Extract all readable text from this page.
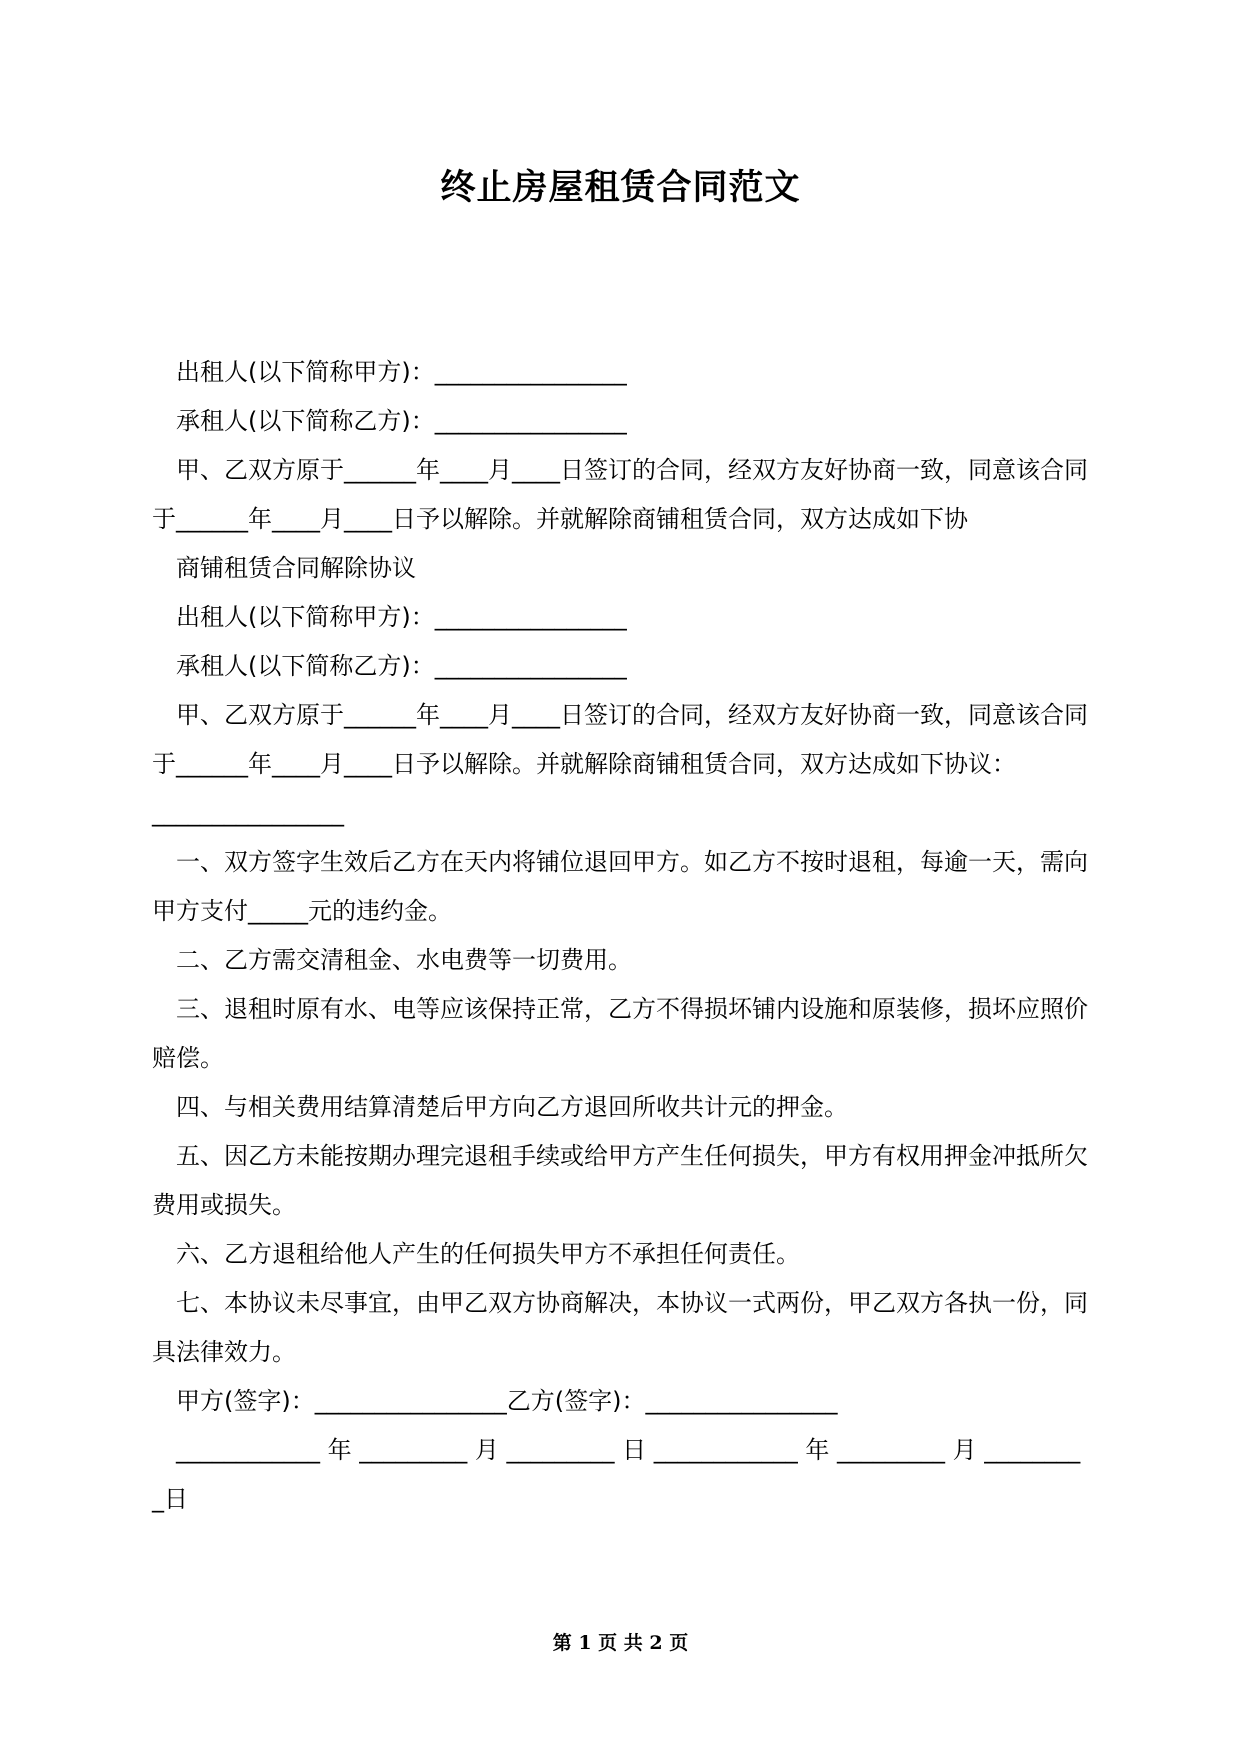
终止房屋租赁合同范文

出租人(以下简称甲方)：________________

承租人(以下简称乙方)：________________

甲、乙双方原于______年____月____日签订的合同，经双方友好协商一致，同意该合同于______年____月____日予以解除。并就解除商铺租赁合同，双方达成如下协

商铺租赁合同解除协议

出租人(以下简称甲方)：________________

承租人(以下简称乙方)：________________

甲、乙双方原于______年____月____日签订的合同，经双方友好协商一致，同意该合同于______年____月____日予以解除。并就解除商铺租赁合同，双方达成如下协议：

________________

一、双方签字生效后乙方在天内将铺位退回甲方。如乙方不按时退租，每逾一天，需向甲方支付_____元的违约金。

二、乙方需交清租金、水电费等一切费用。

三、退租时原有水、电等应该保持正常，乙方不得损坏铺内设施和原装修，损坏应照价赔偿。

四、与相关费用结算清楚后甲方向乙方退回所收共计元的押金。

五、因乙方未能按期办理完退租手续或给甲方产生任何损失，甲方有权用押金冲抵所欠费用或损失。

六、乙方退租给他人产生的任何损失甲方不承担任何责任。

七、本协议未尽事宜，由甲乙双方协商解决，本协议一式两份，甲乙双方各执一份，同具法律效力。

甲方(签字)：________________乙方(签字)：________________

____________ 年 _________ 月 _________ 日 ____________ 年 _________ 月 _________日

第 1 页 共 2 页
